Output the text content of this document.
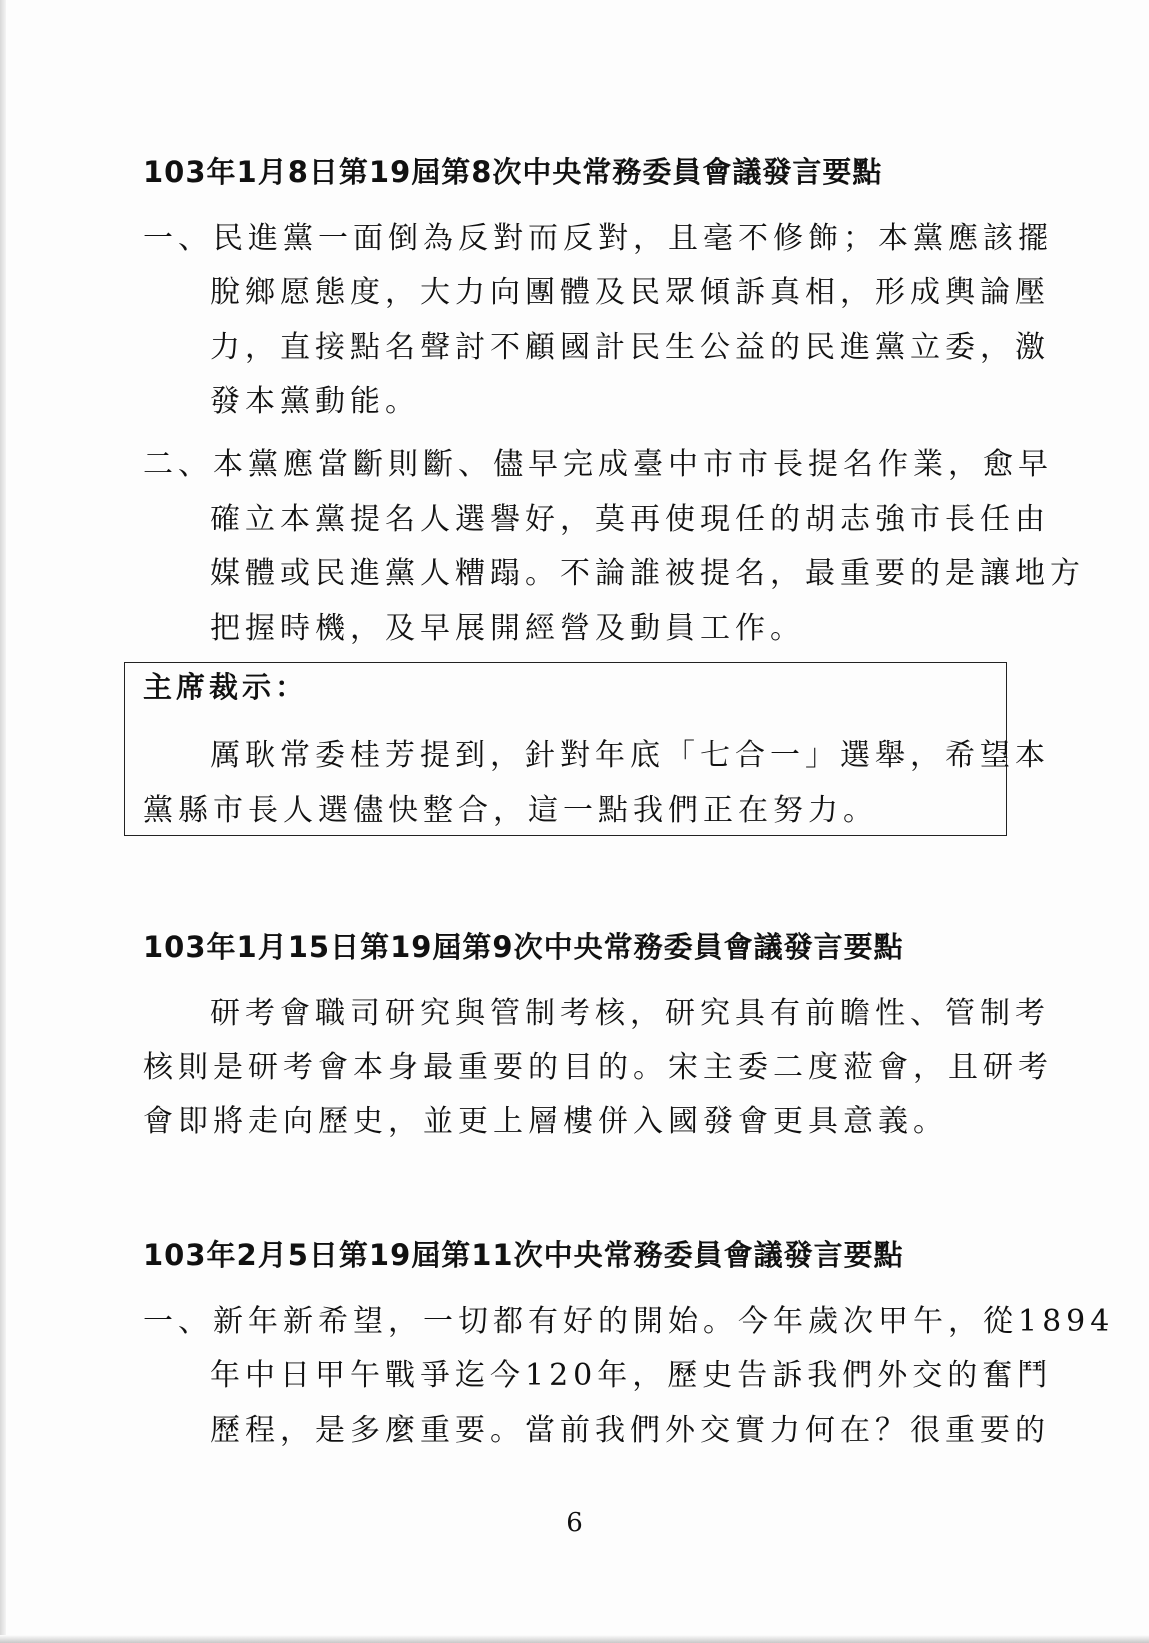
103年1月8日第19屆第8次中央常務委員會議發言要點
一、民進黨一面倒為反對而反對，且毫不修飾；本黨應該擺
脫鄉愿態度，大力向團體及民眾傾訴真相，形成輿論壓
力，直接點名聲討不顧國計民生公益的民進黨立委，激
發本黨動能。
二、本黨應當斷則斷、儘早完成臺中市市長提名作業，愈早
確立本黨提名人選譽好，莫再使現任的胡志強市長任由
媒體或民進黨人糟蹋。不論誰被提名，最重要的是讓地方
把握時機，及早展開經營及動員工作。
主席裁示：
厲耿常委桂芳提到，針對年底「七合一」選舉，希望本
黨縣市長人選儘快整合，這一點我們正在努力。
103年1月15日第19屆第9次中央常務委員會議發言要點
研考會職司研究與管制考核，研究具有前瞻性、管制考
核則是研考會本身最重要的目的。宋主委二度蒞會，且研考
會即將走向歷史，並更上層樓併入國發會更具意義。
103年2月5日第19屆第11次中央常務委員會議發言要點
一、新年新希望，一切都有好的開始。今年歲次甲午，從1894
年中日甲午戰爭迄今120年，歷史告訴我們外交的奮鬥
歷程，是多麼重要。當前我們外交實力何在？很重要的
6
